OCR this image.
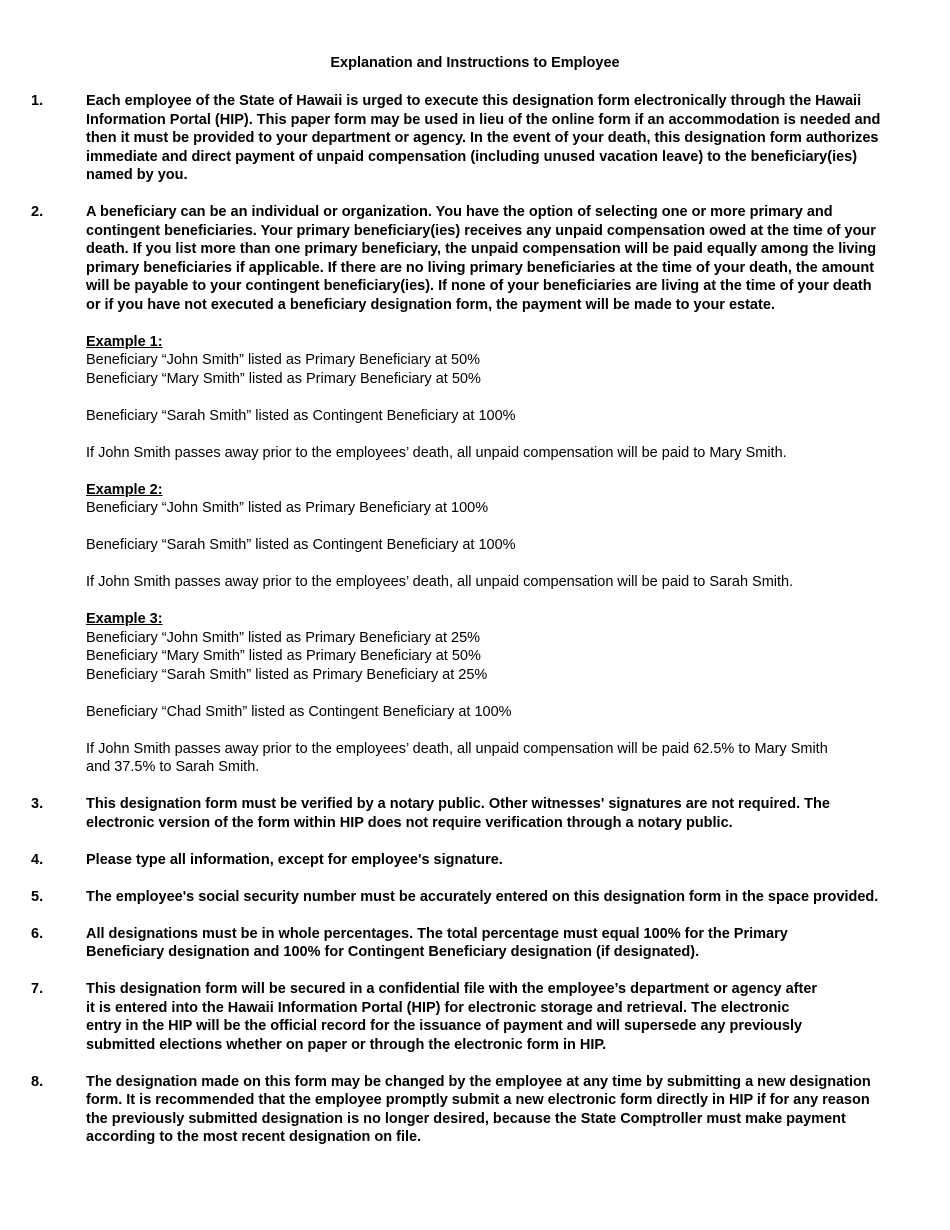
Explanation and Instructions to Employee
1.	Each employee of the State of Hawaii is urged to execute this designation form electronically through the Hawaii Information Portal (HIP). This paper form may be used in lieu of the online form if an accommodation is needed and then it must be provided to your department or agency. In the event of your death, this designation form authorizes immediate and direct payment of unpaid compensation (including unused vacation leave) to the beneficiary(ies) named by you.
2.	A beneficiary can be an individual or organization. You have the option of selecting one or more primary and contingent beneficiaries. Your primary beneficiary(ies) receives any unpaid compensation owed at the time of your death. If you list more than one primary beneficiary, the unpaid compensation will be paid equally among the living primary beneficiaries if applicable. If there are no living primary beneficiaries at the time of your death, the amount will be payable to your contingent beneficiary(ies). If none of your beneficiaries are living at the time of your death or if you have not executed a beneficiary designation form, the payment will be made to your estate.
Example 1:
Beneficiary “John Smith” listed as Primary Beneficiary at 50%
Beneficiary “Mary Smith” listed as Primary Beneficiary at 50%
Beneficiary “Sarah Smith” listed as Contingent Beneficiary at 100%
If John Smith passes away prior to the employees’ death, all unpaid compensation will be paid to Mary Smith.
Example 2:
Beneficiary “John Smith” listed as Primary Beneficiary at 100%
Beneficiary “Sarah Smith” listed as Contingent Beneficiary at 100%
If John Smith passes away prior to the employees’ death, all unpaid compensation will be paid to Sarah Smith.
Example 3:
Beneficiary “John Smith” listed as Primary Beneficiary at 25%
Beneficiary “Mary Smith” listed as Primary Beneficiary at 50%
Beneficiary “Sarah Smith” listed as Primary Beneficiary at 25%
Beneficiary “Chad Smith” listed as Contingent Beneficiary at 100%
If John Smith passes away prior to the employees’ death, all unpaid compensation will be paid 62.5% to Mary Smith and 37.5% to Sarah Smith.
3.	This designation form must be verified by a notary public. Other witnesses' signatures are not required. The electronic version of the form within HIP does not require verification through a notary public.
4.	Please type all information, except for employee's signature.
5.	The employee's social security number must be accurately entered on this designation form in the space provided.
6.	All designations must be in whole percentages. The total percentage must equal 100% for the Primary Beneficiary designation and 100% for Contingent Beneficiary designation (if designated).
7.	This designation form will be secured in a confidential file with the employee’s department or agency after it is entered into the Hawaii Information Portal (HIP) for electronic storage and retrieval. The electronic entry in the HIP will be the official record for the issuance of payment and will supersede any previously submitted elections whether on paper or through the electronic form in HIP.
8.	The designation made on this form may be changed by the employee at any time by submitting a new designation form. It is recommended that the employee promptly submit a new electronic form directly in HIP if for any reason the previously submitted designation is no longer desired, because the State Comptroller must make payment according to the most recent designation on file.
